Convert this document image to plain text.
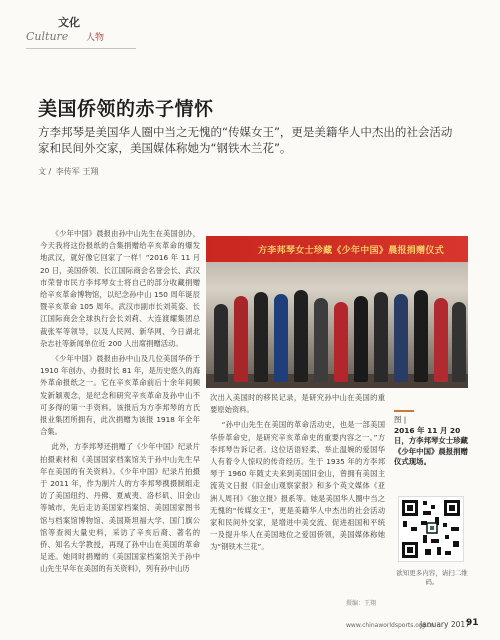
文化
Culture 人物
美国侨领的赤子情怀
方李邦琴是美国华人圈中当之无愧的“传媒女王”，更是美籍华人中杰出的社会活动家和民间外交家，美国媒体称她为“钢铁木兰花”。
文 / 李传军 王翔

《少年中国》晨报由孙中山先生在美国创办，今天我将这份报纸的合集捐赠给辛亥革命的爆发地武汉，就好像它回家了一样！”2016 年 11 月 20 日，美国侨领、长江国际商会名誉会长、武汉市荣誉市民方李邦琴女士将自己的部分收藏捐赠给辛亥革命博物馆，以纪念孙中山 150 周年诞辰暨辛亥革命 105 周年。武汉市副市长刘英姿、长江国际商会全球执行会长刘莉、大连渡耀集团总裁张军等领导，以及人民网、新华网、今日湖北杂志社等新闻单位近 200 人出席捐赠活动。

《少年中国》晨报由孙中山及几位美国华侨于 1910 年创办，办报时长 81 年，是历史悠久的海外革命报纸之一。它在辛亥革命前后十余年间频发新颖观念，是纪念和研究辛亥革命及孙中山不可多得的第一手资料。该报后为方李邦琴的方氏报业集团所拥有，此次捐赠为该报 1918 年全年合集。

此外，方李邦琴还捐赠了《少年中国》纪录片拍摄素材和《美国国家档案馆关于孙中山先生早年在美国的有关资料》。《少年中国》纪录片拍摄于 2011 年，作为制片人的方李邦琴携摄制组走访了美国纽约、丹佛、夏威夷、洛杉矶、旧金山等城市，先后走访美国家档案馆、美国国家图书馆与档案馆博物馆、美国斯坦福大学、国门旗公馆等查阅大量史料，采访了辛亥后裔、著名的侨、知名大学教授，再现了孙中山在美国的革命足迹。她同时捐赠的《美国国家档案馆关于孙中山先生早年在美国的有关资料》，列有孙中山历

方李邦琴女士珍藏《少年中国》晨报捐赠仪式

次出入美国时的移民记录，是研究孙中山在美国的重要原始资料。

“孙中山先生在美国的革命活动史，也是一部美国华侨革命史，是研究辛亥革命史的重要内容之一。”方李邦琴告诉记者。这位话语轻柔、举止温婉的爱国华人有着令人惊叹的传奇经历。生于 1935 年的方李邦琴于 1960 年随丈夫来到美国旧金山，曾拥有美国主流英文日报《旧金山观察家报》和多个英文媒体《亚洲人周刊》《独立报》报系等。她是美国华人圈中当之无愧的“传媒女王”，更是美籍华人中杰出的社会活动家和民间外交家，是增进中美交流、促进祖国和平统一及提升华人在美国地位之爱国侨领，美国媒体称她为“钢铁木兰花”。

图 |
2016 年 11 月 20 日，方李邦琴女士珍藏《少年中国》晨报捐赠仪式现场。
欲知更多内容，请扫二维码。
摄编：王翔
www.chinaworldsports.org.cn
January 2017
91
